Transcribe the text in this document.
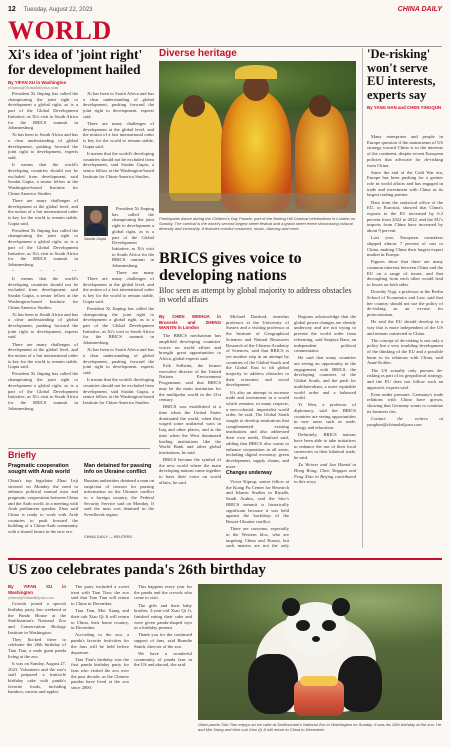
12 Tuesday, August 22, 2023	CHINA DAILY
WORLD
Xi's idea of 'joint right' for development hailed
By YIFAN XU in Washington
yifanxu@chinadailyusa.com

President Xi Jinping has called the championing the joint right to development a global right, as is a part of the Global Development Initiative, as Xi's visit to South Africa for the BRICS summit in Johannesburg.

Xi has been to South Africa and has a clear understanding of global development, pushing forward the joint right to development, experts said.

It means that the world's developing countries should not be excluded from development, said Saodat Gupta, a senior fellow at the Washington-based Institute for China-America Studies.

There are many challenges of development at the global level, and the notion of a fair international order is key for the world to remain stable, Gupta said.

President Xi Jinping has called the championing the joint right to development a global right, as is a part of the Global Development Initiative, as Xi's visit to South Africa for the BRICS summit in Johannesburg.

Xi has been to South Africa and has a clear understanding of global development, pushing forward the joint right to development, experts said.

There are many challenges of development at the global level, and the notion of a fair international order is key for the world to remain stable, Gupta said.

It means that the world's developing countries should not be excluded from development, said Saodat Gupta, a senior fellow at the Washington-based Institute for China-America Studies.

Saodat Gupta

President Xi Jinping has called the championing the joint right to development a global right, as is a part of the Global Development Initiative, as Xi's visit to South Africa for the BRICS summit in Johannesburg.

There are many

It means that the world's developing countries should not be excluded from development, said Saodat Gupta, a senior fellow at the Washington-based Institute for China-America Studies.

Xi has been to South Africa and has a clear understanding of global development, pushing forward the joint right to development, experts said.

There are many challenges of development at the global level, and the notion of a fair international order is key for the world to remain stable, Gupta said.

President Xi Jinping has called the championing the joint right to development a global right, as is a part of the Global Development Initiative, as Xi's visit to South Africa for the BRICS summit in Johannesburg.

There are many challenges of development at the global level, and the notion of a fair international order is key for the world to remain stable, Gupta said.

President Xi Jinping has called the championing the joint right to development a global right, as is a part of the Global Development Initiative, as Xi's visit to South Africa for the BRICS summit in Johannesburg.

Xi has been to South Africa and has a clear understanding of global development, pushing forward the joint right to development, experts said.

It means that the world's developing countries should not be excluded from development, said Saodat Gupta, a senior fellow at the Washington-based Institute for China-America Studies.

Briefly
Pragmatic cooperation sought with Arab world
China's top legislator Zhao Leji stressed on Monday the need to enhance political mutual trust and pragmatic cooperation between China and the Arab world, in a meeting with Arab parliament speaker. Zhao said China is ready to work with Arab countries to push forward the building of a China-Arab community with a shared future in the new era.
Man detained for passing info on Ukraine conflict
Russian authorities detained a man on suspicion of treason for passing information on the Ukraine conflict to a foreign country, the Federal Security Service said on Monday. It said the man was detained in the Sverdlovsk region.
CHINA DAILY — REUTERS
Diverse heritage
Participants dance during the Children's Day Parade, part of the Notting Hill Carnival celebrations in London on Sunday. The carnival is the world's second largest street festival and a grand street event showcasing cultural diversity and inclusivity. It features colorful costumes, music, dancing and more.
BRICS gives voice to developing nations
Bloc seen as attempt by global majority to address obstacles in world affairs
By CHEN WEIHUA in Brussels and ZHENG WANYIN in London

The BRICS mechanism has amplified developing countries' voices on world affairs and brought great opportunities to Africa, global experts said.

Erik Solheim, the former executive director of the United Nations Environment Programme, said that BRICS may be the main institution for the multipolar world in the 21st century.

BRICS was established at a time when the United States dominated the world, when they waged some unilateral wars in Iraq and other places, and at the time when the West dominated leading institutions like the World Bank and other global institutions, he said.

BRICS became the symbol of the new world where the main developing nations came together to have their voice on world affairs, he said.

Michael Dunford, emeritus professor at the University of Sussex and a visiting professor at the Institute of Geographical Sciences and Natural Resources Research of the Chinese Academy of Sciences, said that BRICS is yet another step in an attempt by countries of the Global South and the Global East to tilt global majority to address obstacles to their economic and social development.

It's also an attempt to increase trade and investment in a world which remains, in many respects, a neo-colonial, imperialist world order, he said. The Global South sought to develop institutions that complemented existing institutions and also addressed their own needs, Dunford said, adding that BRICS also wants to enhance cooperation in all areas, including digital economy, green development, supply chains, and more.

Changes underway

Victor Kiprop, senior fellow at the Kiang Fu Center for Research and Islamic Studies in Riyadh, Saudi Arabia, said the bloc's BRICS summit is historically significant because it was held against the backdrop of the Russia-Ukraine conflict.

There are concerns, especially in the Western bloc, who are targeting China and Russia, but such matters are not the only

Regions acknowledge that the global power changes are already underway and are not trying to prevent the world order from reforming, said Sanjaya Baru, an independent political commentator.

He said that many countries are seeing an opportunity in the engagement with BRICS, the developing countries of the Global South, and the push for multilateralism, a more equitable world order and a balanced world.

Yi Wen, a professor of diplomacy, said the BRICS countries are seeing opportunities in new areas such as trade, energy and education.

Definitely, BRICS nations have been able to take initiatives to enhance the use of their local currencies in their bilateral trade, he said.

Xu Weiwei and Jan Hamid in Hong Kong, Chen Yingqun and Feng Xiao in Beijing contributed to this story.

'De-risking' won't serve EU interests, experts say
By YANG HAN and CHEN YINGQUN

Many enterprises and people in Europe question if the mainstream of US strategy toward China is in the interests of the continent, despite recent European policies that advocate for de-risking from China.

Since the end of the Cold War era, Europe has been pushing for a greater role in world affairs and has engaged in trade and investment with China as its largest trading partner.

Data from the statistical office of the EU, or Eurostat, showed that China's exports to the EU increased by 6.2 percent from 2022 to 2022, and the EU's imports from China have increased by about 9 percent.

Last year, European carmakers shipped almost 7 percent of cars to China, making China their largest export market in Europe.

Figures show that there are many common interests between China and the EU on a range of issues, and that decoupling from each other would lead to losses on both sides.

Dorothy Vogt, a professor at the Berlin School of Economics and Law, said that her country should not use the policy of de-risking as an excuse for protectionism.

He said the EU should develop in a way that is more independent of the US and remain connected to China.

The concept of de-risking is not only a policy but a very troubling development of the thinking of the EU and a possible harm to its relations with China, said Anne Kohler.

The US actually only pursues de-risking as part of its geopolitical strategy, and the EU does not follow such an approach, experts said.

Even under pressure, Germany's trade relations with China have grown, showing that Germany wants to continue its business ties.

Contact the writers at yanghan@chinadailyusa.com

US zoo celebrates panda's 26th birthday
By YIFAN XU in Washington
yifanxu@chinadailyusa.com

Crowds joined a special birthday party last weekend at the Panda House at the Smithsonian's National Zoo and Conservation Biology Institute in Washington.

They flocked there to celebrate the 26th birthday of Tian Tian, a male giant panda living at the zoo.

It was on Sunday, August 27, 2023. Volunteers and the zoo's staff prepared a fruitsicle birthday cake with panda's favorite foods, including bamboo, carrots and apples.

The party included a sweet treat with Tian Tian; the zoo said that Tian Tian will return to China in December.

Tian Tian, Mei Xiang and their cub Xiao Qi Ji will return to China, their home country, in December.

According to the zoo, a panda's favorite festivities for the fans will be held before departure.

Tian Tian's birthday was the first panda birthday party for fans who visited the zoo over the past decade, as the Chinese pandas have lived at the zoo since 2000.

This happens every year for the panda and the crowds who come to visit.

The gifts and their baby brother, 3-year-old Xiao Qi Ji, finished eating their cake and were given panda-shaped toys as a birthday present.

Thank you for the continued support of fans, said Brandie Smith, director of the zoo.

We have a wonderful community of panda fans in the US and abroad, she said.

Giant panda Tian Tian enjoys an ice cake at Smithsonian's National Zoo in Washington on Sunday. It was his 26th birthday at the zoo. He and Mei Xiang and their cub Xiao Qi Ji will return to China in December.
